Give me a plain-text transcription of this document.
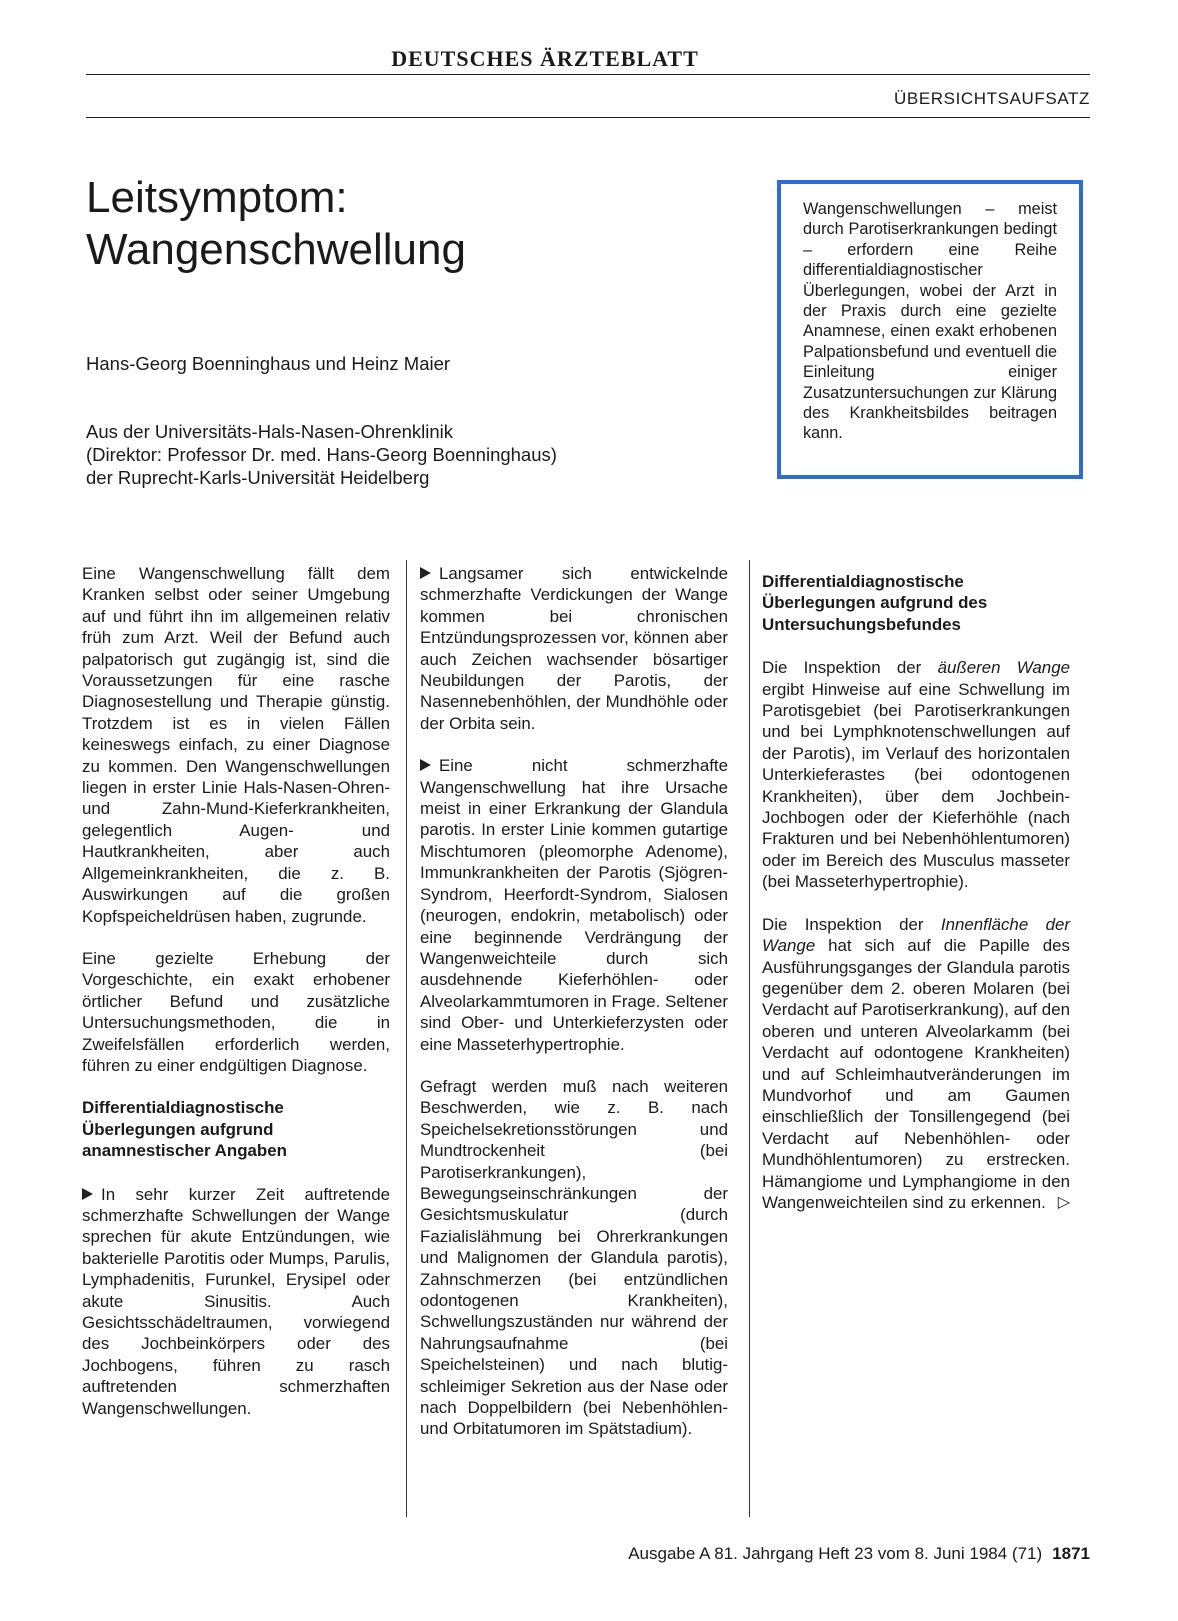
DEUTSCHES ÄRZTEBLATT
ÜBERSICHTSAUFSATZ
Leitsymptom:
Wangenschwellung
Hans-Georg Boenninghaus und Heinz Maier
Aus der Universitäts-Hals-Nasen-Ohrenklinik
(Direktor: Professor Dr. med. Hans-Georg Boenninghaus)
der Ruprecht-Karls-Universität Heidelberg
Wangenschwellungen – meist durch Parotiserkrankungen bedingt – erfordern eine Reihe differentialdiagnostischer Überlegungen, wobei der Arzt in der Praxis durch eine gezielte Anamnese, einen exakt erhobenen Palpationsbefund und eventuell die Einleitung einiger Zusatzuntersuchungen zur Klärung des Krankheitsbildes beitragen kann.

Eine Wangenschwellung fällt dem Kranken selbst oder seiner Umgebung auf und führt ihn im allgemeinen relativ früh zum Arzt. Weil der Befund auch palpatorisch gut zugängig ist, sind die Voraussetzungen für eine rasche Diagnosestellung und Therapie günstig. Trotzdem ist es in vielen Fällen keineswegs einfach, zu einer Diagnose zu kommen. Den Wangenschwellungen liegen in erster Linie Hals-Nasen-Ohren- und Zahn-Mund-Kieferkrankheiten, gelegentlich Augen- und Hautkrankheiten, aber auch Allgemeinkrankheiten, die z. B. Auswirkungen auf die großen Kopfspeicheldrüsen haben, zugrunde.

Eine gezielte Erhebung der Vorgeschichte, ein exakt erhobener örtlicher Befund und zusätzliche Untersuchungsmethoden, die in Zweifelsfällen erforderlich werden, führen zu einer endgültigen Diagnose.

Differentialdiagnostische
Überlegungen aufgrund
anamnestischer Angaben

In sehr kurzer Zeit auftretende schmerzhafte Schwellungen der Wange sprechen für akute Entzündungen, wie bakterielle Parotitis oder Mumps, Parulis, Lymphadenitis, Furunkel, Erysipel oder akute Sinusitis. Auch Gesichtsschädeltraumen, vorwiegend des Jochbeinkörpers oder des Jochbogens, führen zu rasch auftretenden schmerzhaften Wangenschwellungen.

Langsamer sich entwickelnde schmerzhafte Verdickungen der Wange kommen bei chronischen Entzündungsprozessen vor, können aber auch Zeichen wachsender bösartiger Neubildungen der Parotis, der Nasennebenhöhlen, der Mundhöhle oder der Orbita sein.

Eine nicht schmerzhafte Wangenschwellung hat ihre Ursache meist in einer Erkrankung der Glandula parotis. In erster Linie kommen gutartige Mischtumoren (pleomorphe Adenome), Immunkrankheiten der Parotis (Sjögren-Syndrom, Heerfordt-Syndrom, Sialosen (neurogen, endokrin, metabolisch) oder eine beginnende Verdrängung der Wangenweichteile durch sich ausdehnende Kieferhöhlen- oder Alveolarkammtumoren in Frage. Seltener sind Ober- und Unterkieferzysten oder eine Masseterhypertrophie.

Gefragt werden muß nach weiteren Beschwerden, wie z. B. nach Speichelsekretionsstörungen und Mundtrockenheit (bei Parotiserkrankungen), Bewegungseinschränkungen der Gesichtsmuskulatur (durch Fazialislähmung bei Ohrerkrankungen und Malignomen der Glandula parotis), Zahnschmerzen (bei entzündlichen odontogenen Krankheiten), Schwellungszuständen nur während der Nahrungsaufnahme (bei Speichelsteinen) und nach blutig-schleimiger Sekretion aus der Nase oder nach Doppelbildern (bei Nebenhöhlen- und Orbitatumoren im Spätstadium).

Differentialdiagnostische
Überlegungen aufgrund des
Untersuchungsbefundes

Die Inspektion der äußeren Wange ergibt Hinweise auf eine Schwellung im Parotisgebiet (bei Parotiserkrankungen und bei Lymphknotenschwellungen auf der Parotis), im Verlauf des horizontalen Unterkieferastes (bei odontogenen Krankheiten), über dem Jochbein-Jochbogen oder der Kieferhöhle (nach Frakturen und bei Nebenhöhlentumoren) oder im Bereich des Musculus masseter (bei Masseterhypertrophie).

Die Inspektion der Innenfläche der Wange hat sich auf die Papille des Ausführungsganges der Glandula parotis gegenüber dem 2. oberen Molaren (bei Verdacht auf Parotiserkrankung), auf den oberen und unteren Alveolarkamm (bei Verdacht auf odontogene Krankheiten) und auf Schleimhautveränderungen im Mundvorhof und am Gaumen einschließlich der Tonsillengegend (bei Verdacht auf Nebenhöhlen- oder Mundhöhlentumoren) zu erstrecken. Hämangiome und Lymphangiome in den Wangenweichteilen sind zu erkennen. ▷

Ausgabe A 81. Jahrgang Heft 23 vom 8. Juni 1984 (71) 1871
